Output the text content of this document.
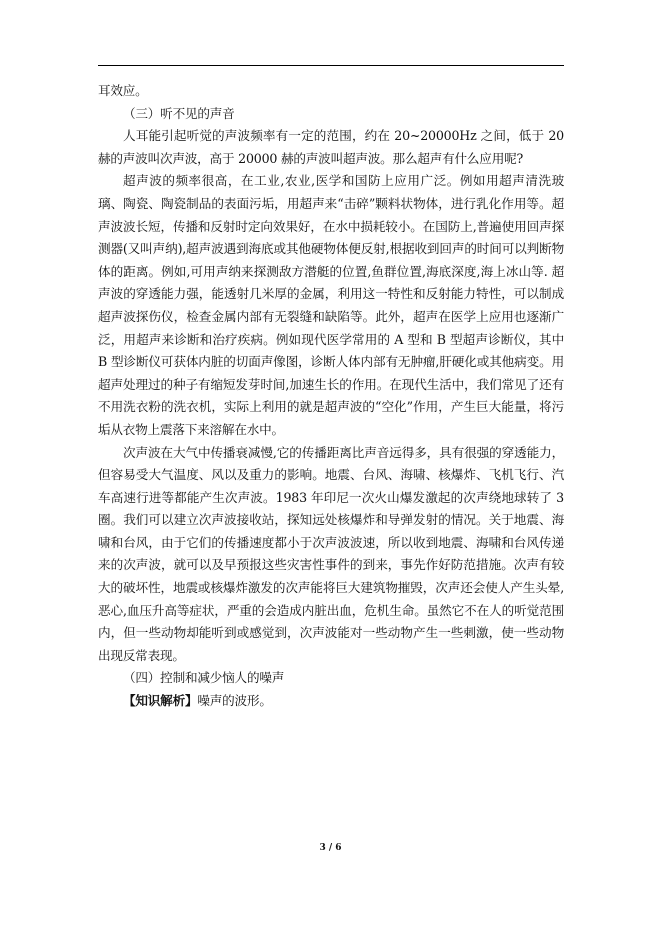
耳效应。

（三）听不见的声音

人耳能引起听觉的声波频率有一定的范围，约在 20~20000Hz 之间，低于 20 赫的声波叫次声波，高于 20000 赫的声波叫超声波。那么超声有什么应用呢?

超声波的频率很高，在工业,农业,医学和国防上应用广泛。例如用超声清洗玻璃、陶瓷、陶瓷制品的表面污垢，用超声来“击碎”颗料状物体，进行乳化作用等。超声波波长短，传播和反射时定向效果好，在水中损耗较小。在国防上,普遍使用回声探测器(又叫声纳),超声波遇到海底或其他硬物体便反射,根据收到回声的时间可以判断物体的距离。例如,可用声纳来探测敌方潜艇的位置,鱼群位置,海底深度,海上冰山等. 超声波的穿透能力强，能透射几米厚的金属，利用这一特性和反射能力特性，可以制成超声波探伤仪，检查金属内部有无裂缝和缺陷等。此外，超声在医学上应用也逐渐广泛，用超声来诊断和治疗疾病。例如现代医学常用的 A 型和 B 型超声诊断仪，其中 B 型诊断仪可获体内脏的切面声像图，诊断人体内部有无肿瘤,肝硬化或其他病变。用超声处理过的种子有缩短发芽时间,加速生长的作用。在现代生活中，我们常见了还有不用洗衣粉的洗衣机，实际上利用的就是超声波的“空化”作用，产生巨大能量，将污垢从衣物上震落下来溶解在水中。

次声波在大气中传播衰减慢,它的传播距离比声音远得多，具有很强的穿透能力，但容易受大气温度、风以及重力的影响。地震、台风、海啸、核爆炸、飞机飞行、汽车高速行进等都能产生次声波。1983 年印尼一次火山爆发激起的次声绕地球转了 3 圈。我们可以建立次声波接收站，探知远处核爆炸和导弹发射的情况。关于地震、海啸和台风，由于它们的传播速度都小于次声波波速，所以收到地震、海啸和台风传递来的次声波，就可以及早预报这些灾害性事件的到来，事先作好防范措施。次声有较大的破坏性，地震或核爆炸激发的次声能将巨大建筑物摧毁，次声还会使人产生头晕,恶心,血压升高等症状，严重的会造成内脏出血，危机生命。虽然它不在人的听觉范围内，但一些动物却能听到或感觉到，次声波能对一些动物产生一些刺激，使一些动物出现反常表现。

（四）控制和减少恼人的噪声

【知识解析】噪声的波形。

3 / 6
